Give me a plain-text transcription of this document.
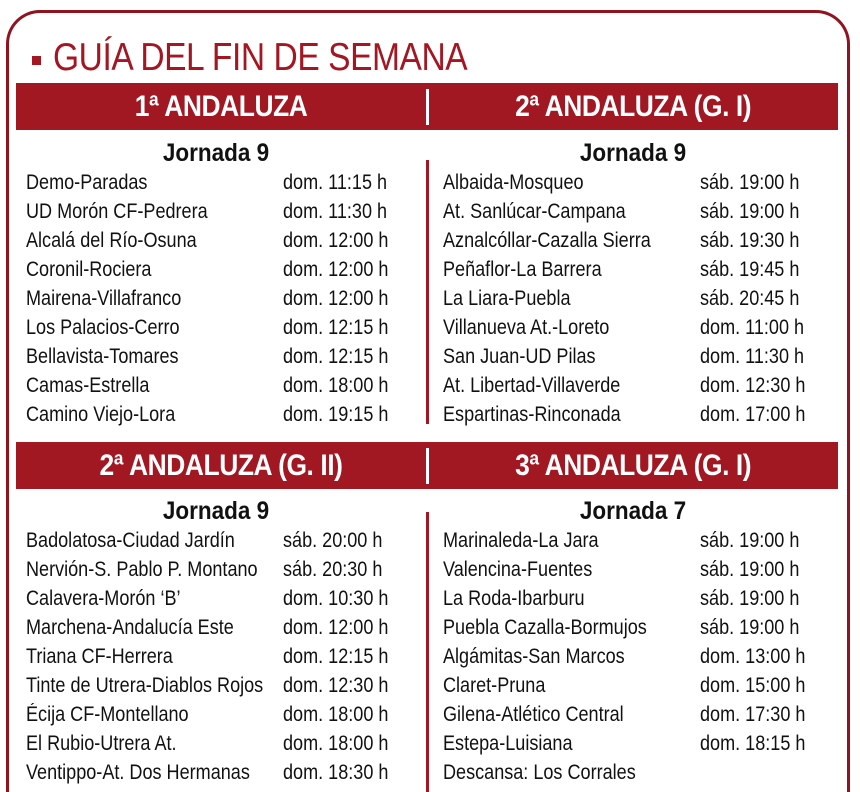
GUÍA DEL FIN DE SEMANA
1ª ANDALUZA	2ª ANDALUZA (G. I)
2ª ANDALUZA (G. II)	3ª ANDALUZA (G. I)
Jornada 9
Demo-Paradas	dom. 11:15 h
UD Morón CF-Pedrera	dom. 11:30 h
Alcalá del Río-Osuna	dom. 12:00 h
Coronil-Rociera	dom. 12:00 h
Mairena-Villafranco	dom. 12:00 h
Los Palacios-Cerro	dom. 12:15 h
Bellavista-Tomares	dom. 12:15 h
Camas-Estrella	dom. 18:00 h
Camino Viejo-Lora	dom. 19:15 h
Jornada 9
Albaida-Mosqueo	sáb. 19:00 h
At. Sanlúcar-Campana	sáb. 19:00 h
Aznalcóllar-Cazalla Sierra	sáb. 19:30 h
Peñaflor-La Barrera	sáb. 19:45 h
La Liara-Puebla	sáb. 20:45 h
Villanueva At.-Loreto	dom. 11:00 h
San Juan-UD Pilas	dom. 11:30 h
At. Libertad-Villaverde	dom. 12:30 h
Espartinas-Rinconada	dom. 17:00 h
Jornada 9
Badolatosa-Ciudad Jardín	sáb. 20:00 h
Nervión-S. Pablo P. Montano	sáb. 20:30 h
Calavera-Morón ‘B’	dom. 10:30 h
Marchena-Andalucía Este	dom. 12:00 h
Triana CF-Herrera	dom. 12:15 h
Tinte de Utrera-Diablos Rojos dom. 12:30 h
Écija CF-Montellano	dom. 18:00 h
El Rubio-Utrera At.	dom. 18:00 h
Ventippo-At. Dos Hermanas	dom. 18:30 h
Jornada 7
Marinaleda-La Jara	sáb. 19:00 h
Valencina-Fuentes	sáb. 19:00 h
La Roda-Ibarburu	sáb. 19:00 h
Puebla Cazalla-Bormujos	sáb. 19:00 h
Algámitas-San Marcos	dom. 13:00 h
Claret-Pruna	dom. 15:00 h
Gilena-Atlético Central	dom. 17:30 h
Estepa-Luisiana	dom. 18:15 h
Descansa: Los Corrales
